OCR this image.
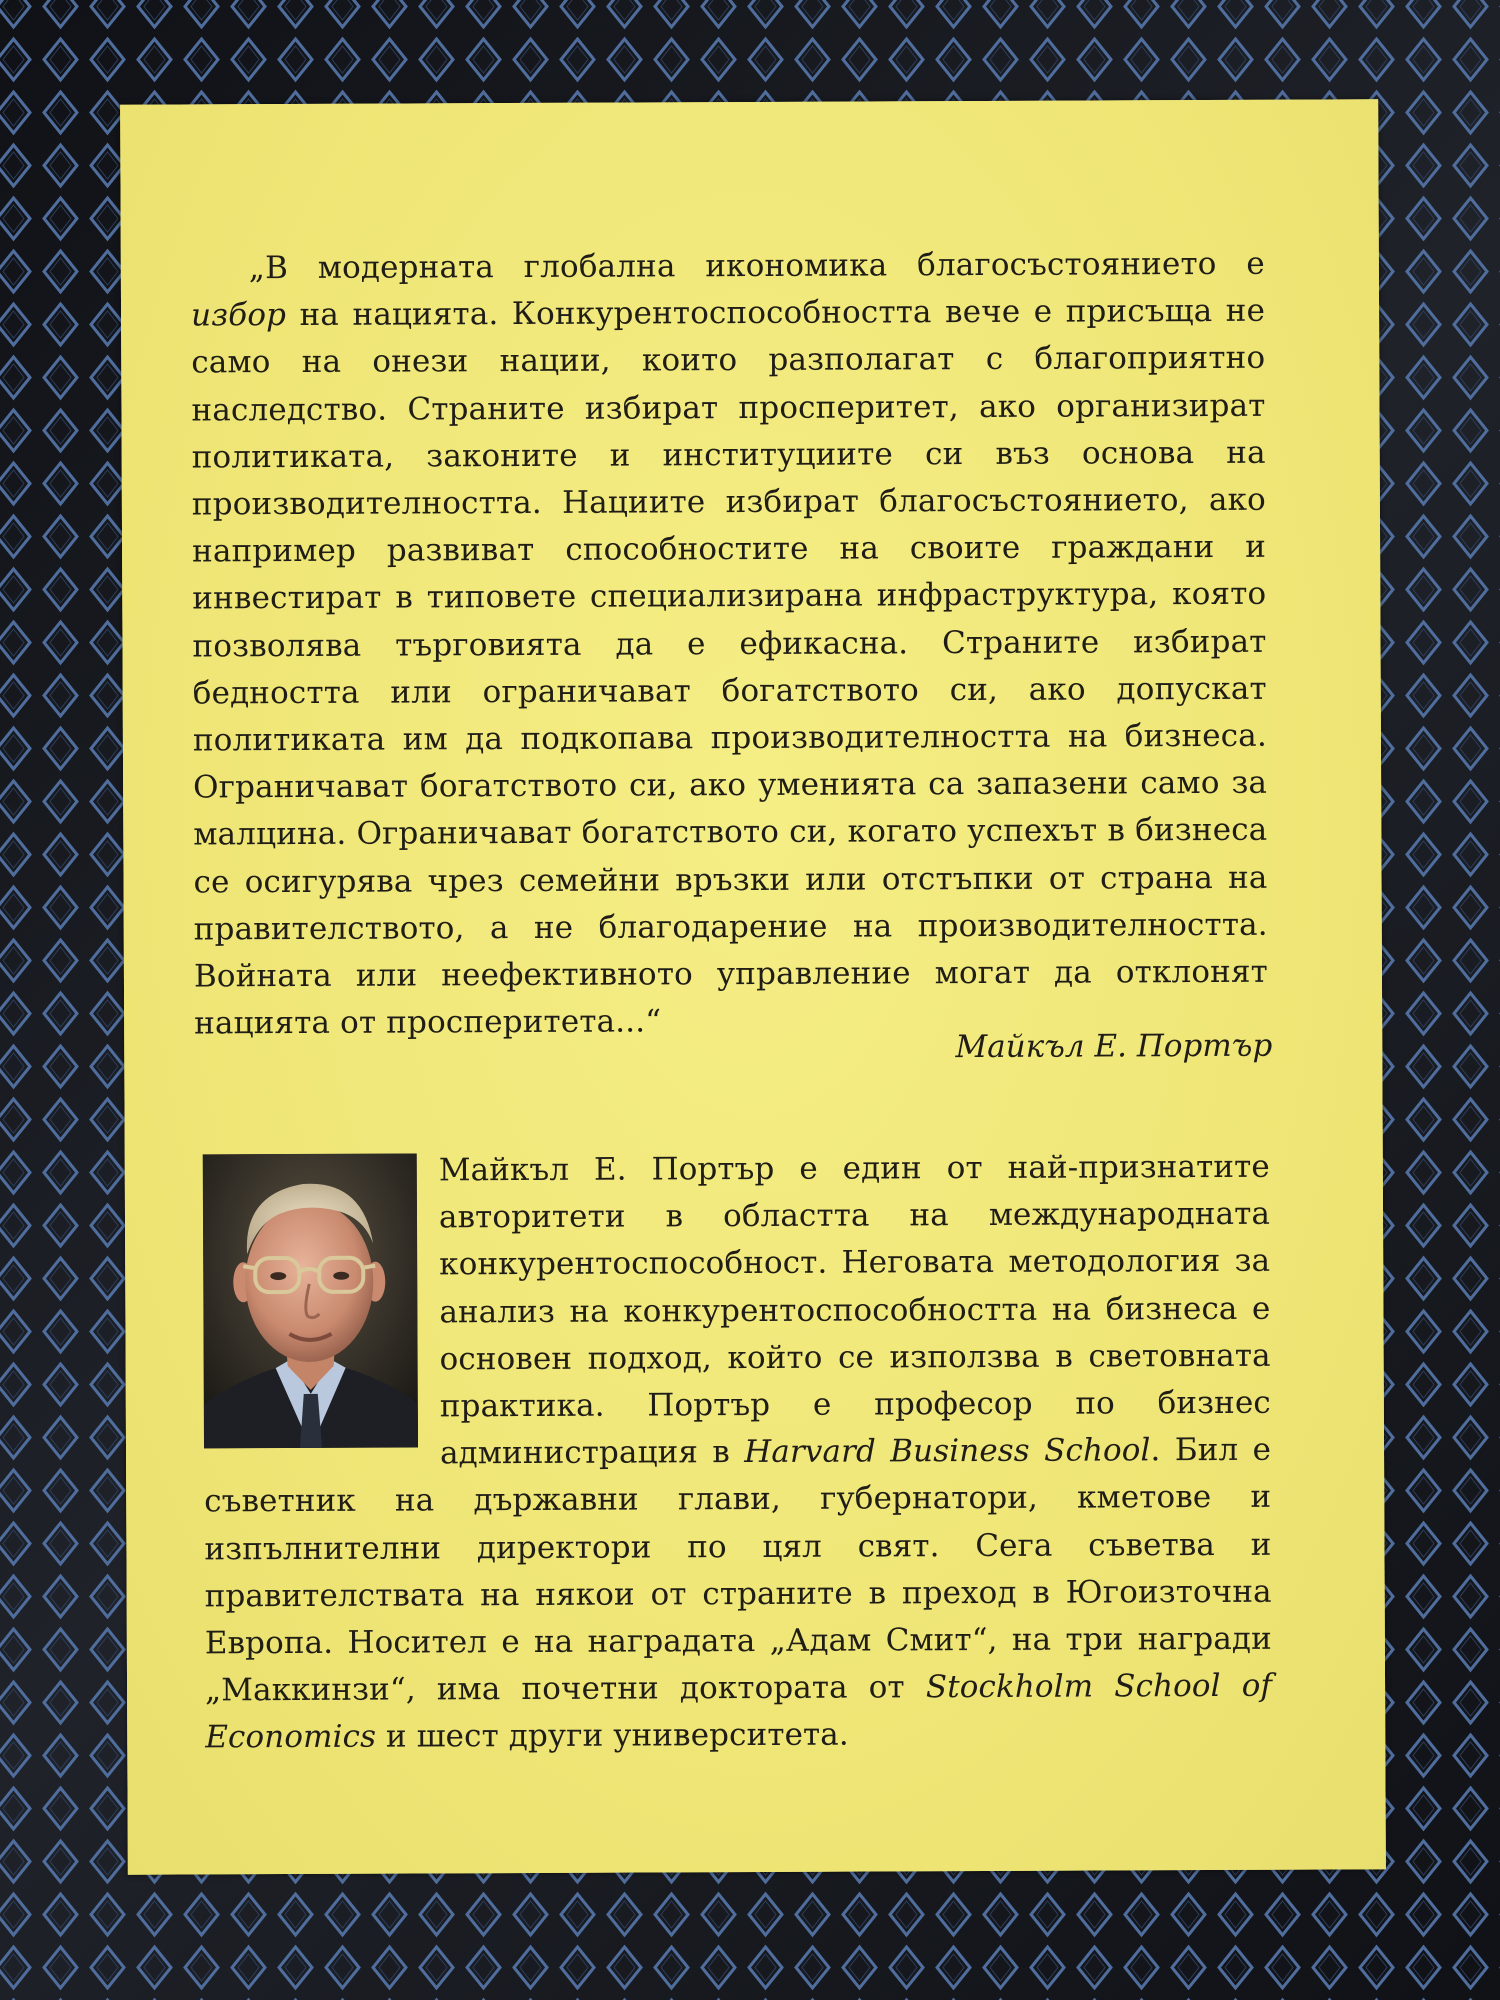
„В модерната глобална икономика благосъстоянието е избор на нацията. Конкурентоспособността вече е присъща не само на онези нации, които разполагат с благоприятно наследство. Страните избират просперитет, ако организират политиката, законите и институциите си въз основа на производителността. Нациите избират благосъстоянието, ако например развиват способностите на своите граждани и инвестират в типовете специализирана инфраструктура, която позволява търговията да е ефикасна. Страните избират бедността или ограничават богатството си, ако допускат политиката им да подкопава производителността на бизнеса. Ограничават богатството си, ако уменията са запазени само за малцина. Ограничават богатството си, когато успехът в бизнеса се осигурява чрез семейни връзки или отстъпки от страна на правителството, а не благодарение на производителността. Войната или неефективното управление могат да отклонят нацията от просперитета...“

Майкъл Е. Портър
Майкъл Е. Портър е един от най-признатите авторитети в областта на международната конкурентоспособност. Неговата методология за анализ на конкурентоспособността на бизнеса е основен подход, който се използва в световната практика. Портър е професор по бизнес администрация в Harvard Business School. Бил е съветник на държавни глави, губернатори, кметове и изпълнителни директори по цял свят. Сега съветва и правителствата на някои от страните в преход в Югоизточна Европа. Носител е на наградата „Адам Смит“, на три награди „Маккинзи“, има почетни доктората от Stockholm School of Economics и шест други университета.
